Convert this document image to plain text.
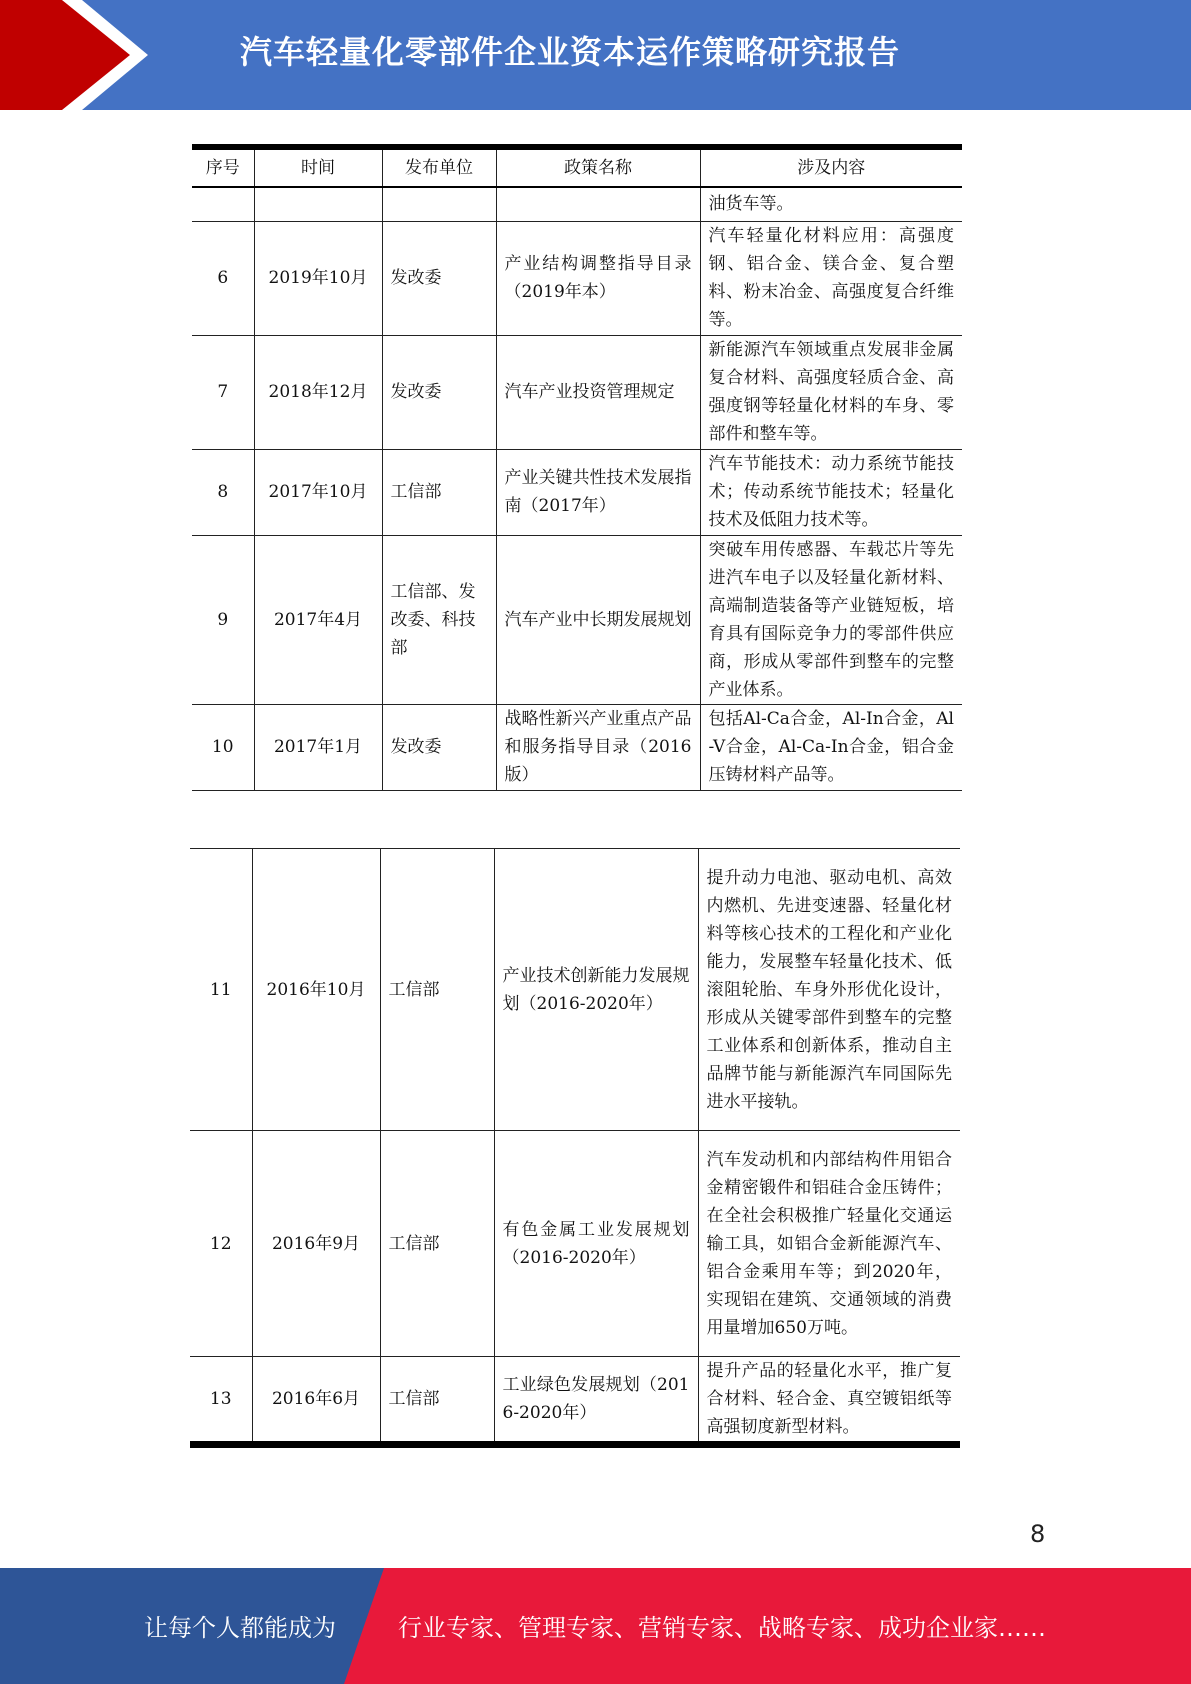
汽车轻量化零部件企业资本运作策略研究报告
序号	时间	发布单位	政策名称	涉及内容
				油货车等。
6	2019年10月	发改委	产业结构调整指导目录（2019年本）	汽车轻量化材料应用：高强度钢、铝合金、镁合金、复合塑料、粉末冶金、高强度复合纤维等。
7	2018年12月	发改委	汽车产业投资管理规定	新能源汽车领域重点发展非金属复合材料、高强度轻质合金、高强度钢等轻量化材料的车身、零部件和整车等。
8	2017年10月	工信部	产业关键共性技术发展指南（2017年）	汽车节能技术：动力系统节能技术；传动系统节能技术；轻量化技术及低阻力技术等。
9	2017年4月	工信部、发改委、科技部	汽车产业中长期发展规划	突破车用传感器、车载芯片等先进汽车电子以及轻量化新材料、高端制造装备等产业链短板，培育具有国际竞争力的零部件供应商，形成从零部件到整车的完整产业体系。
10	2017年1月	发改委	战略性新兴产业重点产品和服务指导目录（2016版）	包括Al-Ca合金，Al-In合金，Al-V合金，Al-Ca-In合金，铝合金压铸材料产品等。
11	2016年10月	工信部	产业技术创新能力发展规划（2016-2020年）	提升动力电池、驱动电机、高效内燃机、先进变速器、轻量化材料等核心技术的工程化和产业化能力，发展整车轻量化技术、低滚阻轮胎、车身外形优化设计，形成从关键零部件到整车的完整工业体系和创新体系，推动自主品牌节能与新能源汽车同国际先进水平接轨。
12	2016年9月	工信部	有色金属工业发展规划（2016-2020年）	汽车发动机和内部结构件用铝合金精密锻件和铝硅合金压铸件；在全社会积极推广轻量化交通运输工具，如铝合金新能源汽车、铝合金乘用车等；到2020年，实现铝在建筑、交通领域的消费用量增加650万吨。
13	2016年6月	工信部	工业绿色发展规划（2016-2020年）	提升产品的轻量化水平，推广复合材料、轻合金、真空镀铝纸等高强韧度新型材料。
8
让每个人都能成为	行业专家、管理专家、营销专家、战略专家、成功企业家……
